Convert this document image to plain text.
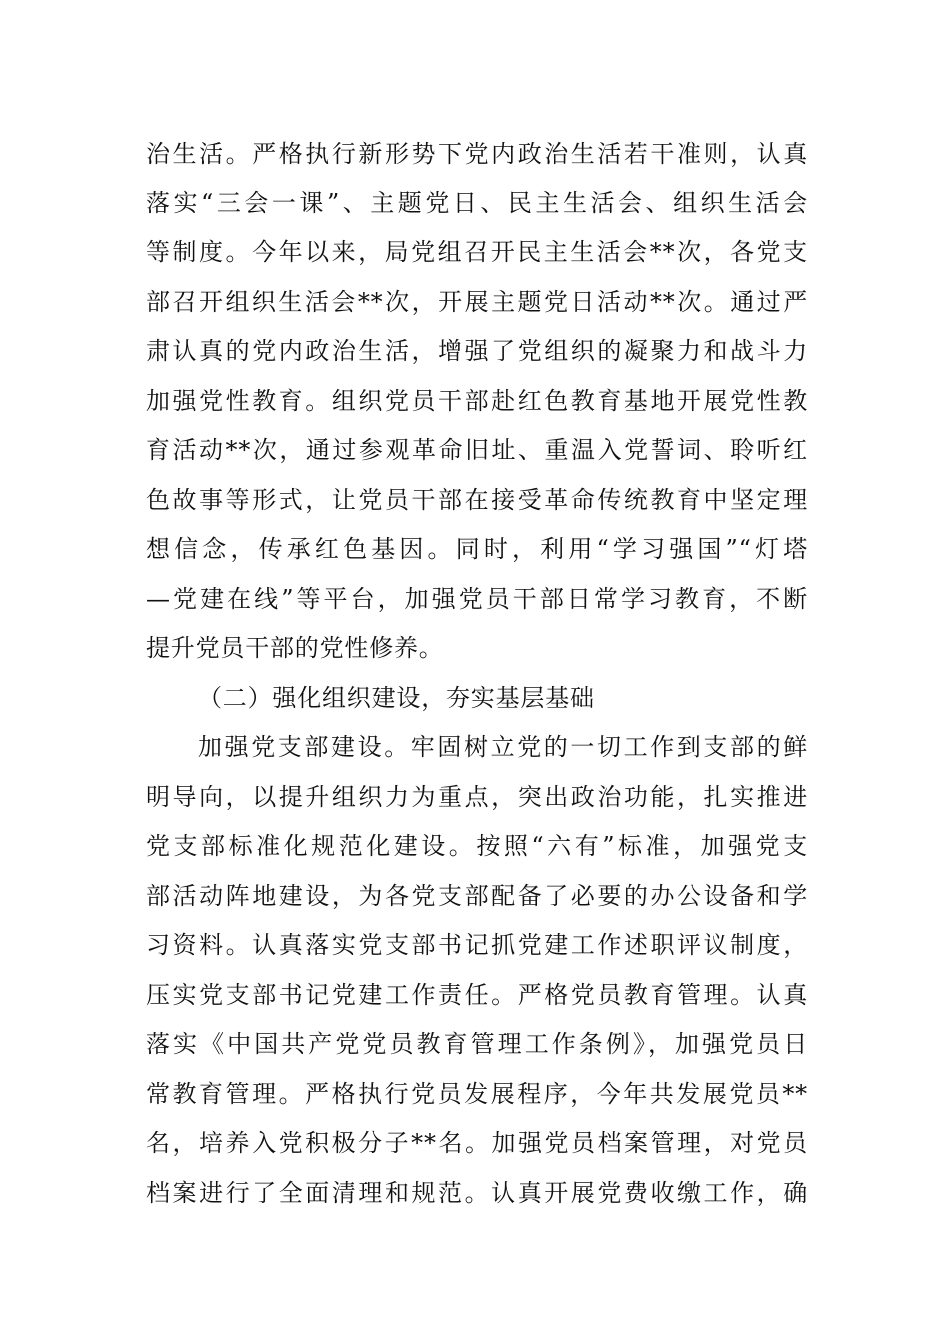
治生活。严格执行新形势下党内政治生活若干准则，认真
落实“三会一课”、主题党日、民主生活会、组织生活会
等制度。今年以来，局党组召开民主生活会**次，各党支
部召开组织生活会**次，开展主题党日活动**次。通过严
肃认真的党内政治生活，增强了党组织的凝聚力和战斗力
加强党性教育。组织党员干部赴红色教育基地开展党性教
育活动**次，通过参观革命旧址、重温入党誓词、聆听红
色故事等形式，让党员干部在接受革命传统教育中坚定理
想信念，传承红色基因。同时，利用“学习强国”“灯塔
—党建在线”等平台，加强党员干部日常学习教育，不断
提升党员干部的党性修养。
（二）强化组织建设，夯实基层基础
加强党支部建设。牢固树立党的一切工作到支部的鲜
明导向，以提升组织力为重点，突出政治功能，扎实推进
党支部标准化规范化建设。按照“六有”标准，加强党支
部活动阵地建设，为各党支部配备了必要的办公设备和学
习资料。认真落实党支部书记抓党建工作述职评议制度，
压实党支部书记党建工作责任。严格党员教育管理。认真
落实《中国共产党党员教育管理工作条例》，加强党员日
常教育管理。严格执行党员发展程序，今年共发展党员**
名，培养入党积极分子**名。加强党员档案管理，对党员
档案进行了全面清理和规范。认真开展党费收缴工作，确
